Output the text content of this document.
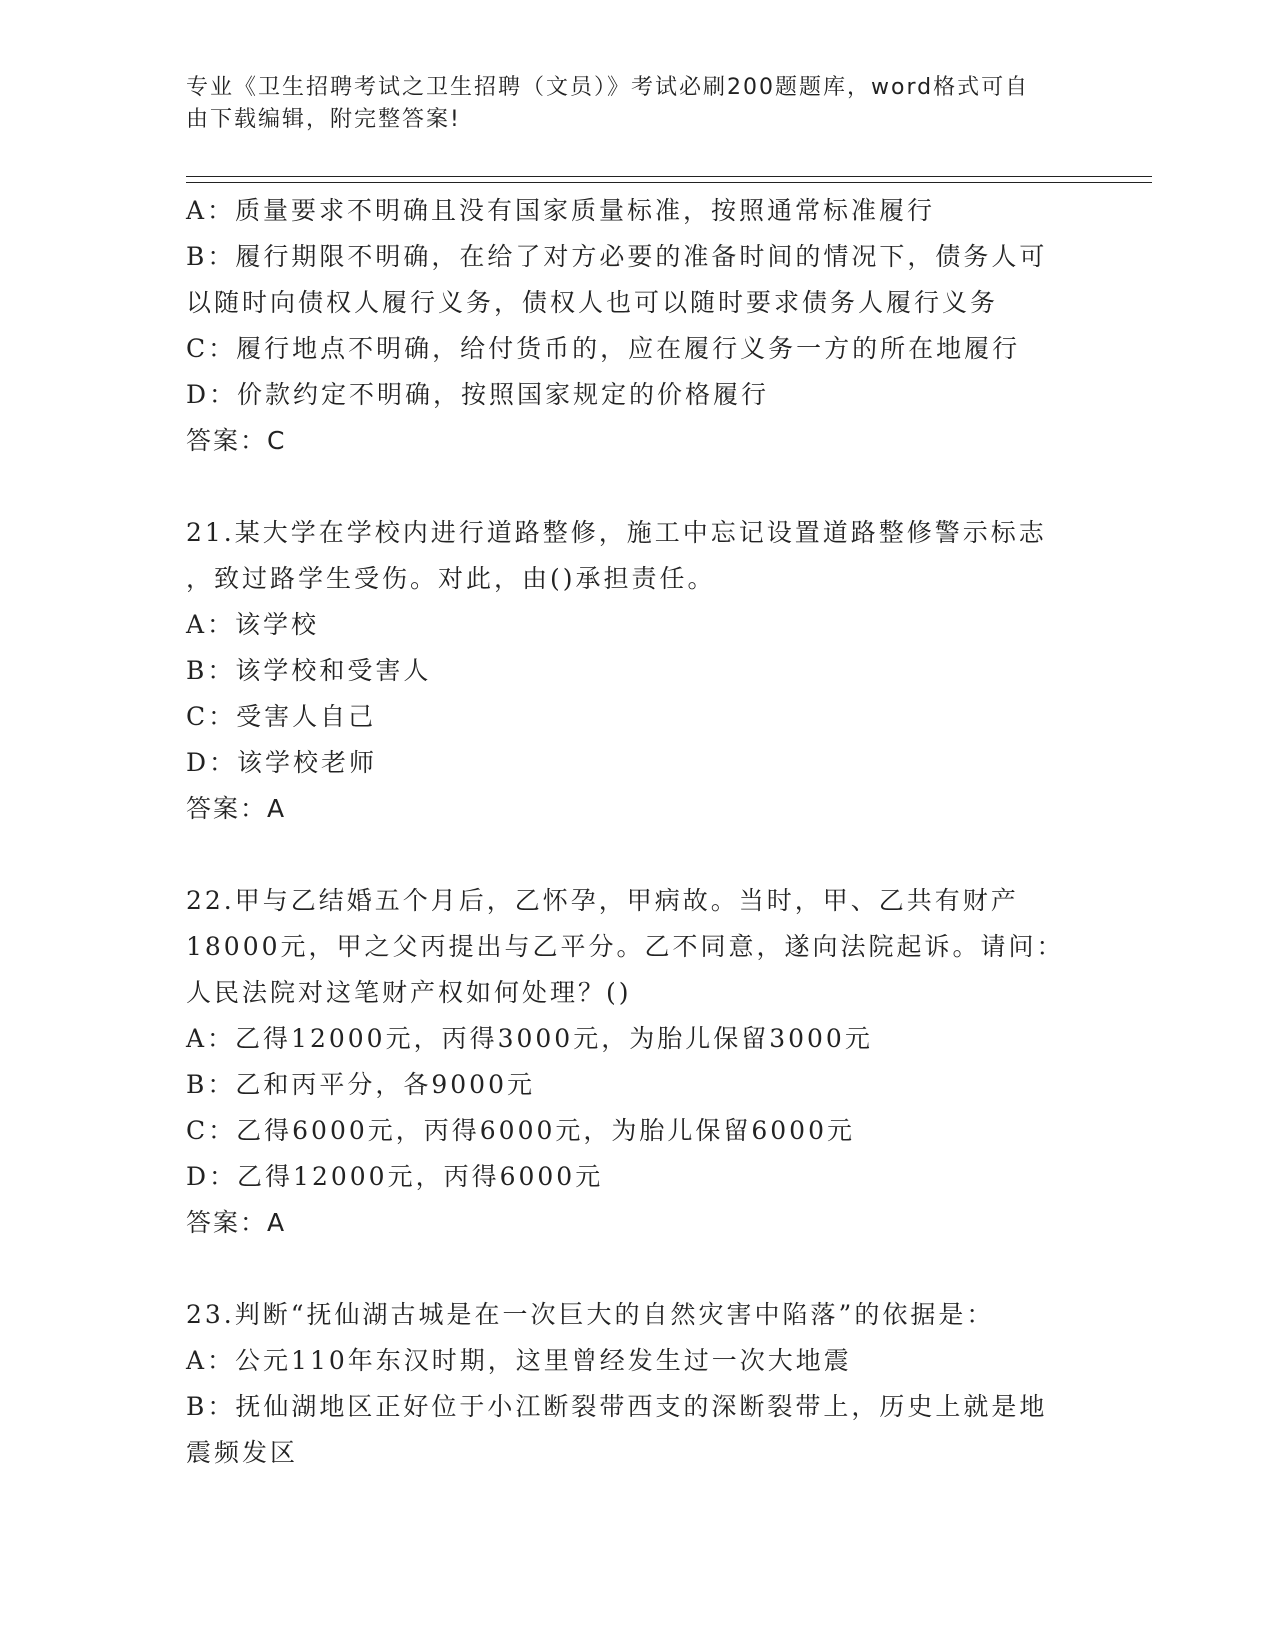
专业《卫生招聘考试之卫生招聘（文员）》考试必刷200题题库，word格式可自
由下载编辑，附完整答案!
A：质量要求不明确且没有国家质量标准，按照通常标准履行
B：履行期限不明确，在给了对方必要的准备时间的情况下，债务人可
以随时向债权人履行义务，债权人也可以随时要求债务人履行义务
C：履行地点不明确，给付货币的，应在履行义务一方的所在地履行
D：价款约定不明确，按照国家规定的价格履行
答案：C
21.某大学在学校内进行道路整修，施工中忘记设置道路整修警示标志
，致过路学生受伤。对此，由()承担责任。
A：该学校
B：该学校和受害人
C：受害人自己
D：该学校老师
答案：A
22.甲与乙结婚五个月后，乙怀孕，甲病故。当时，甲、乙共有财产
18000元，甲之父丙提出与乙平分。乙不同意，遂向法院起诉。请问：
人民法院对这笔财产权如何处理？()
A：乙得12000元，丙得3000元，为胎儿保留3000元
B：乙和丙平分，各9000元
C：乙得6000元，丙得6000元，为胎儿保留6000元
D：乙得12000元，丙得6000元
答案：A
23.判断“抚仙湖古城是在一次巨大的自然灾害中陷落”的依据是：
A：公元110年东汉时期，这里曾经发生过一次大地震
B：抚仙湖地区正好位于小江断裂带西支的深断裂带上，历史上就是地
震频发区
